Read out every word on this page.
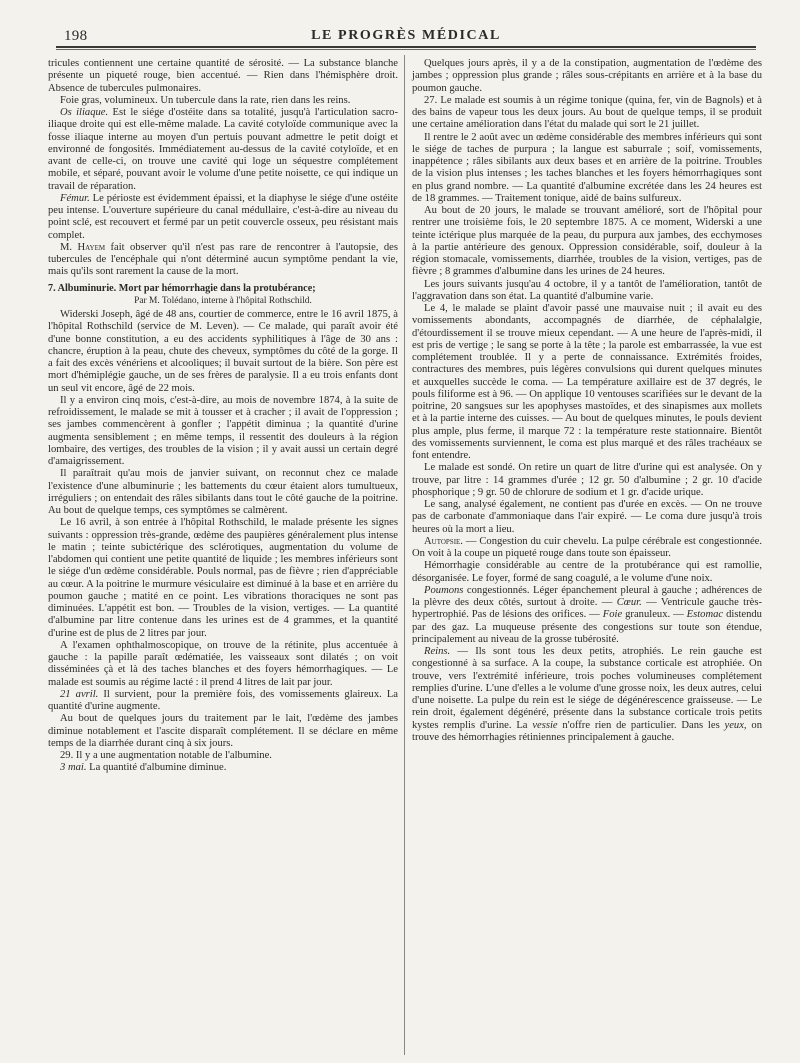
198	LE PROGRÈS MÉDICAL

tricules contiennent une certaine quantité de sérosité. — La substance blanche présente un piqueté rouge, bien accentué. — Rien dans l'hémisphère droit. Absence de tubercules pulmonaires.

Foie gras, volumineux. Un tubercule dans la rate, rien dans les reins.

Os iliaque. Est le siége d'ostéite dans sa totalité, jusqu'à l'articulation sacro-iliaque droite qui est elle-même malade. La cavité cotyloïde communique avec la fosse iliaque interne au moyen d'un pertuis pouvant admettre le petit doigt et environné de fongosités. Immédiatement au-dessus de la cavité cotyloïde, et en avant de celle-ci, on trouve une cavité qui loge un séquestre complétement mobile, et séparé, pouvant avoir le volume d'une petite noisette, ce qui indique un travail de réparation.

Fémur. Le périoste est évidemment épaissi, et la diaphyse le siége d'une ostéite peu intense. L'ouverture supérieure du canal médullaire, c'est-à-dire au niveau du point sclé, est recouvert et fermé par un petit couvercle osseux, peu résistant mais complet.

M. Hayem fait observer qu'il n'est pas rare de rencontrer à l'autopsie, des tubercules de l'encéphale qui n'ont déterminé aucun symptôme pendant la vie, mais qu'ils sont rarement la cause de la mort.

7. Albuminurie. Mort par hémorrhagie dans la protubérance;

Par M. Tolédano, interne à l'hôpital Rothschild.

Widerski Joseph, âgé de 48 ans, courtier de commerce, entre le 16 avril 1875, à l'hôpital Rothschild (service de M. Leven). — Ce malade, qui paraît avoir été d'une bonne constitution, a eu des accidents syphilitiques à l'âge de 30 ans : chancre, éruption à la peau, chute des cheveux, symptômes du côté de la gorge. Il a fait des excès vénériens et alcooliques; il buvait surtout de la bière. Son père est mort d'hémiplégie gauche, un de ses frères de paralysie. Il a eu trois enfants dont un seul vit encore, âgé de 22 mois.

Il y a environ cinq mois, c'est-à-dire, au mois de novembre 1874, à la suite de refroidissement, le malade se mit à tousser et à cracher ; il avait de l'oppression ; ses jambes commencèrent à gonfler ; l'appétit diminua ; la quantité d'urine augmenta sensiblement ; en même temps, il ressentit des douleurs à la région lombaire, des vertiges, des troubles de la vision ; il y avait aussi un certain degré d'amaigrissement.

Il paraîtrait qu'au mois de janvier suivant, on reconnut chez ce malade l'existence d'une albuminurie ; les battements du cœur étaient alors tumultueux, irréguliers ; on entendait des râles sibilants dans tout le côté gauche de la poitrine. Au bout de quelque temps, ces symptômes se calmèrent.

Le 16 avril, à son entrée à l'hôpital Rothschild, le malade présente les signes suivants : oppression très-grande, œdème des paupières généralement plus intense le matin ; teinte subictérique des sclérotiques, augmentation du volume de l'abdomen qui contient une petite quantité de liquide ; les membres inférieurs sont le siége d'un œdème considérable. Pouls normal, pas de fièvre ; rien d'appréciable au cœur. A la poitrine le murmure vésiculaire est diminué à la base et en arrière du poumon gauche ; matité en ce point. Les vibrations thoraciques ne sont pas diminuées. L'appétit est bon. — Troubles de la vision, vertiges. — La quantité d'albumine par litre contenue dans les urines est de 4 grammes, et la quantité d'urine est de plus de 2 litres par jour.

A l'examen ophthalmoscopique, on trouve de la rétinite, plus accentuée à gauche : la papille paraît œdématiée, les vaisseaux sont dilatés ; on voit disséminées çà et là des taches blanches et des foyers hémorrhagiques. — Le malade est soumis au régime lacté : il prend 4 litres de lait par jour.

21 avril. Il survient, pour la première fois, des vomissements glaireux. La quantité d'urine augmente.

Au bout de quelques jours du traitement par le lait, l'œdème des jambes diminue notablement et l'ascite disparaît complétement. Il se déclare en même temps de la diarrhée durant cinq à six jours.

29. Il y a une augmentation notable de l'albumine.

3 mai. La quantité d'albumine diminue.

Quelques jours après, il y a de la constipation, augmentation de l'œdème des jambes ; oppression plus grande ; râles sous-crépitants en arrière et à la base du poumon gauche.

27. Le malade est soumis à un régime tonique (quina, fer, vin de Bagnols) et à des bains de vapeur tous les deux jours. Au bout de quelque temps, il se produit une certaine amélioration dans l'état du malade qui sort le 21 juillet.

Il rentre le 2 août avec un œdème considérable des membres inférieurs qui sont le siége de taches de purpura ; la langue est saburrale ; soif, vomissements, inappétence ; râles sibilants aux deux bases et en arrière de la poitrine. Troubles de la vision plus intenses ; les taches blanches et les foyers hémorrhagiques sont en plus grand nombre. — La quantité d'albumine excrétée dans les 24 heures est de 18 grammes. — Traitement tonique, aidé de bains sulfureux.

Au bout de 20 jours, le malade se trouvant amélioré, sort de l'hôpital pour rentrer une troisième fois, le 20 septembre 1875. A ce moment, Widerski a une teinte ictérique plus marquée de la peau, du purpura aux jambes, des ecchymoses à la partie antérieure des genoux. Oppression considérable, soif, douleur à la région stomacale, vomissements, diarrhée, troubles de la vision, vertiges, pas de fièvre ; 8 grammes d'albumine dans les urines de 24 heures.

Les jours suivants jusqu'au 4 octobre, il y a tantôt de l'amélioration, tantôt de l'aggravation dans son état. La quantité d'albumine varie.

Le 4, le malade se plaint d'avoir passé une mauvaise nuit ; il avait eu des vomissements abondants, accompagnés de diarrhée, de céphalalgie, d'étourdissement il se trouve mieux cependant. — A une heure de l'après-midi, il est pris de vertige ; le sang se porte à la tête ; la parole est embarrassée, la vue est complétement troublée. Il y a perte de connaissance. Extrémités froides, contractures des membres, puis légères convulsions qui durent quelques minutes et auxquelles succède le coma. — La température axillaire est de 37 degrés, le pouls filiforme est à 96. — On applique 10 ventouses scarifiées sur le devant de la poitrine, 20 sangsues sur les apophyses mastoïdes, et des sinapismes aux mollets et à la partie interne des cuisses. — Au bout de quelques minutes, le pouls devient plus ample, plus ferme, il marque 72 : la température reste stationnaire. Bientôt des vomissements surviennent, le coma est plus marqué et des râles trachéaux se font entendre.

Le malade est sondé. On retire un quart de litre d'urine qui est analysée. On y trouve, par litre : 14 grammes d'urée ; 12 gr. 50 d'albumine ; 2 gr. 10 d'acide phosphorique ; 9 gr. 50 de chlorure de sodium et 1 gr. d'acide urique.

Le sang, analysé également, ne contient pas d'urée en excès. — On ne trouve pas de carbonate d'ammoniaque dans l'air expiré. — Le coma dure jusqu'à trois heures où la mort a lieu.

Autopsie. — Congestion du cuir chevelu. La pulpe cérébrale est congestionnée. On voit à la coupe un piqueté rouge dans toute son épaisseur.

Hémorrhagie considérable au centre de la protubérance qui est ramollie, désorganisée. Le foyer, formé de sang coagulé, a le volume d'une noix.

Poumons congestionnés. Léger épanchement pleural à gauche ; adhérences de la plèvre des deux côtés, surtout à droite. — Cœur. — Ventricule gauche très-hypertrophié. Pas de lésions des orifices. — Foie granuleux. — Estomac distendu par des gaz. La muqueuse présente des congestions sur toute son étendue, principalement au niveau de la grosse tubérosité.

Reins. — Ils sont tous les deux petits, atrophiés. Le rein gauche est congestionné à sa surface. A la coupe, la substance corticale est atrophiée. On trouve, vers l'extrémité inférieure, trois poches volumineuses complétement remplies d'urine. L'une d'elles a le volume d'une grosse noix, les deux autres, celui d'une noisette. La pulpe du rein est le siége de dégénérescence graisseuse. — Le rein droit, également dégénéré, présente dans la substance corticale trois petits kystes remplis d'urine. La vessie n'offre rien de particulier. Dans les yeux, on trouve des hémorrhagies rétiniennes principalement à gauche.
